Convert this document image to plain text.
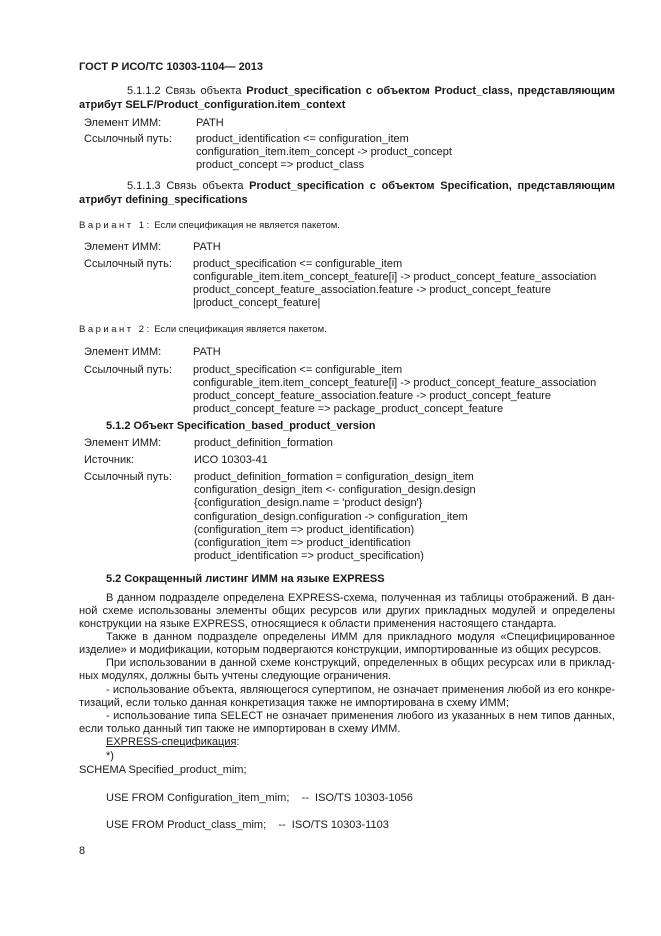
ГОСТ Р ИСО/ТС 10303-1104— 2013
5.1.1.2 Связь объекта Product_specification с объектом Product_class, представляющим
атрибут SELF/Product_configuration.item_context
Элемент ИММ:	PATH
Ссылочный путь: product_identification <= configuration_item
configuration_item.item_concept -> product_concept
product_concept => product_class
5.1.1.3 Связь объекта Product_specification с объектом Specification, представляющим
атрибут defining_specifications
Вариант 1: Если спецификация не является пакетом.
Элемент ИММ:	PATH
Ссылочный путь: product_specification <= configurable_item
configurable_item.item_concept_feature[i] -> product_concept_feature_association
product_concept_feature_association.feature -> product_concept_feature
|product_concept_feature|
Вариант 2: Если спецификация является пакетом.
Элемент ИММ:	PATH
Ссылочный путь: product_specification <= configurable_item
configurable_item.item_concept_feature[i] -> product_concept_feature_association
product_concept_feature_association.feature -> product_concept_feature
product_concept_feature => package_product_concept_feature
5.1.2 Объект Specification_based_product_version
Элемент ИММ:	product_definition_formation
Источник:	ИСО 10303-41
Ссылочный путь: product_definition_formation = configuration_design_item
configuration_design_item <- configuration_design.design
{configuration_design.name = 'product design'}
configuration_design.configuration -> configuration_item
(configuration_item => product_identification)
(configuration_item => product_identification
product_identification => product_specification)
5.2 Сокращенный листинг ИММ на языке EXPRESS
В данном подразделе определена EXPRESS-схема, полученная из таблицы отображений. В дан-
ной схеме использованы элементы общих ресурсов или других прикладных модулей и определены
конструкции на языке EXPRESS, относящиеся к области применения настоящего стандарта.
Также в данном подразделе определены ИММ для прикладного модуля «Специфицированное
изделие» и модификации, которым подвергаются конструкции, импортированные из общих ресурсов.
При использовании в данной схеме конструкций, определенных в общих ресурсах или в приклад-
ных модулях, должны быть учтены следующие ограничения.
- использование объекта, являющегося супертипом, не означает применения любой из его конкре-
тизаций, если только данная конкретизация также не импортирована в схему ИММ;
- использование типа SELECT не означает применения любого из указанных в нем типов данных,
если только данный тип также не импортирован в схему ИММ.
EXPRESS-спецификация:
*)
SCHEMA Specified_product_mim;
USE FROM Configuration_item_mim;    --  ISO/TS 10303-1056
USE FROM Product_class_mim;    --  ISO/TS 10303-1103
8
